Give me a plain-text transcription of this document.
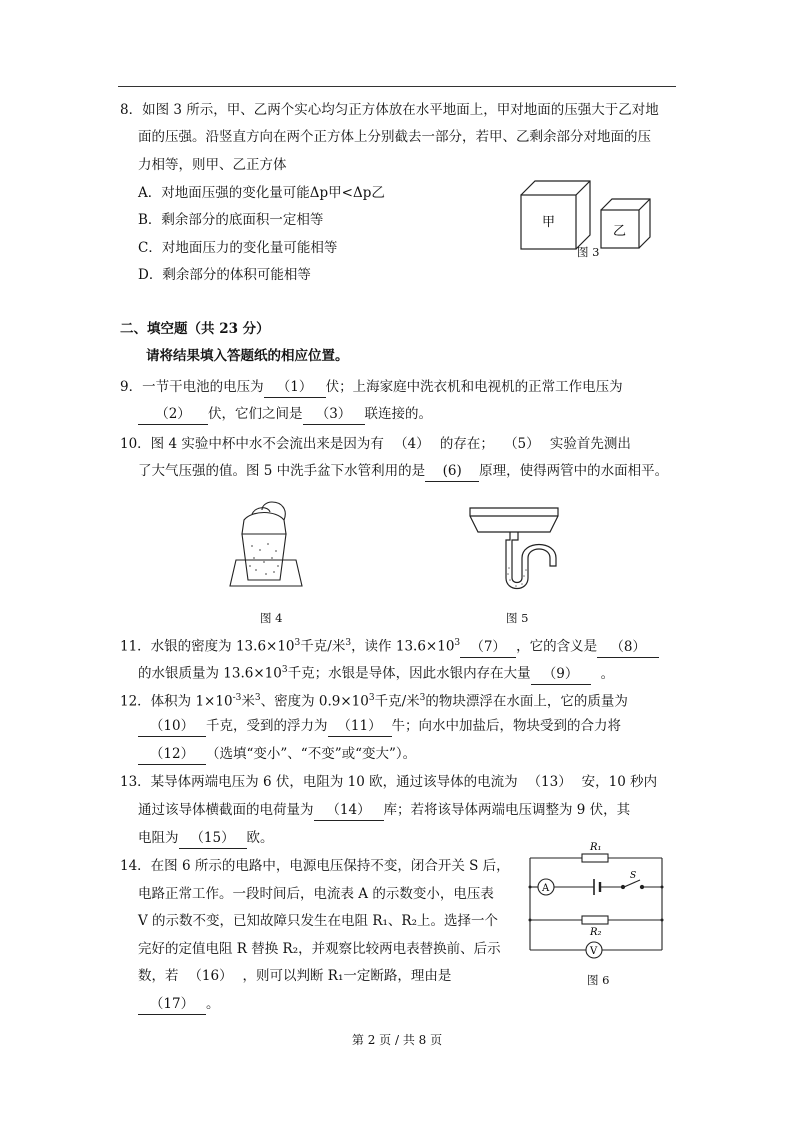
8．如图 3 所示，甲、乙两个实心均匀正方体放在水平地面上，甲对地面的压强大于乙对地
面的压强。沿竖直方向在两个正方体上分别截去一部分，若甲、乙剩余部分对地面的压
力相等，则甲、乙正方体
A．对地面压强的变化量可能Δp甲<Δp乙
B．剩余部分的底面积一定相等
C．对地面压力的变化量可能相等
D．剩余部分的体积可能相等
甲
乙
图 3
二、填空题（共 23 分）
请将结果填入答题纸的相应位置。
9．一节干电池的电压为 （1） 伏；上海家庭中洗衣机和电视机的正常工作电压为
（2） 伏，它们之间是 （3） 联连接的。
10．图 4 实验中杯中水不会流出来是因为有 （4） 的存在； （5） 实验首先测出
了大气压强的值。图 5 中洗手盆下水管利用的是 (6) 原理，使得两管中的水面相平。
图 4	图 5
11．水银的密度为 $13.6\times 10^3$千克/米$^3$，读作 $13.6\times 10^3$ （7） ，它的含义是 （8）
的水银质量为 $13.6\times 10^3$千克；水银是导体，因此水银内存在大量 （9） 。
12．体积为 $1\times 10^{-3}$米$^3$、密度为 $0.9\times 10^3$千克/米$^3$的物块漂浮在水面上，它的质量为
（10） 千克，受到的浮力为 （11） 牛；向水中加盐后，物块受到的合力将
（12） （选填“变小”、“不变”或“变大”）。
13．某导体两端电压为 6 伏，电阻为 10 欧，通过该导体的电流为 （13） 安，10 秒内
通过该导体横截面的电荷量为 （14） 库；若将该导体两端电压调整为 9 伏，其
电阻为 （15） 欧。
14．在图 6 所示的电路中，电源电压保持不变，闭合开关 S 后，
电路正常工作。一段时间后，电流表 A 的示数变小，电压表
V 的示数不变，已知故障只发生在电阻 R₁、R₂上。选择一个
完好的定值电阻 R 替换 R₂，并观察比较两电表替换前、后示
数，若 （16） ，则可以判断 R₁一定断路，理由是
（17） 。
R₁
R₂
A
V
S
图 6
第 2 页 / 共 8 页
